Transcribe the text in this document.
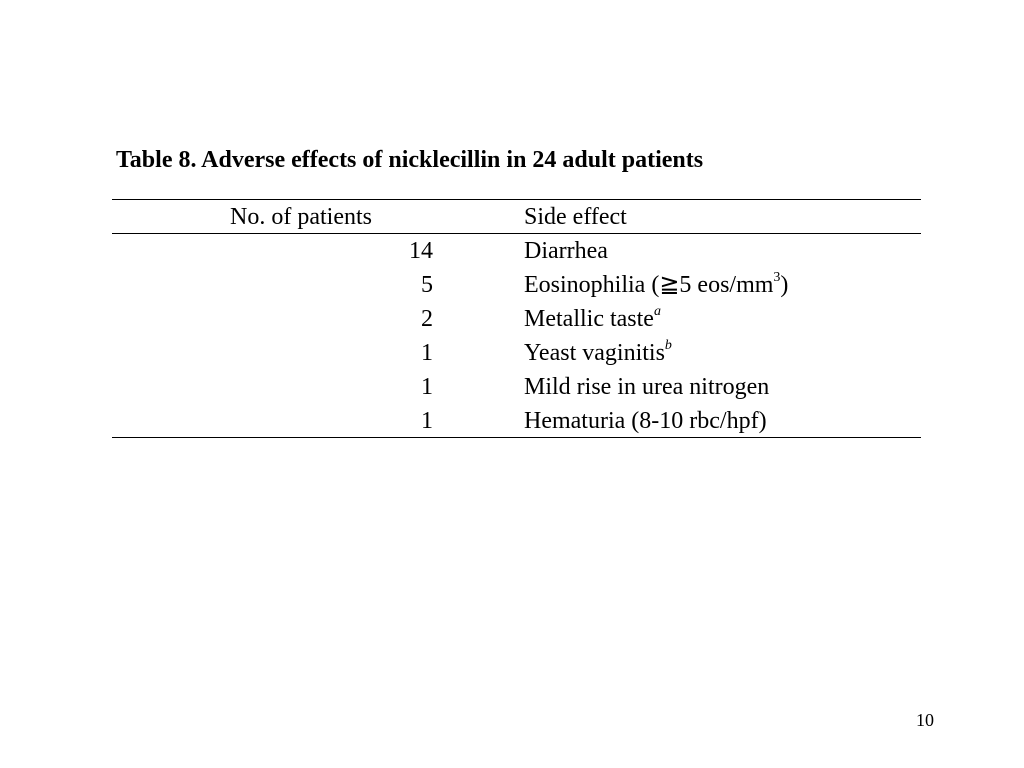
Table 8. Adverse effects of nicklecillin in 24 adult patients
No. of patients	Side effect
14	Diarrhea
5	Eosinophilia (≧5 eos/$mm^3$)
2	Metallic taste$^a$
1	Yeast vaginitis$^b$
1	Mild rise in urea nitrogen
1	Hematuria (8-10 rbc/hpf)
10
